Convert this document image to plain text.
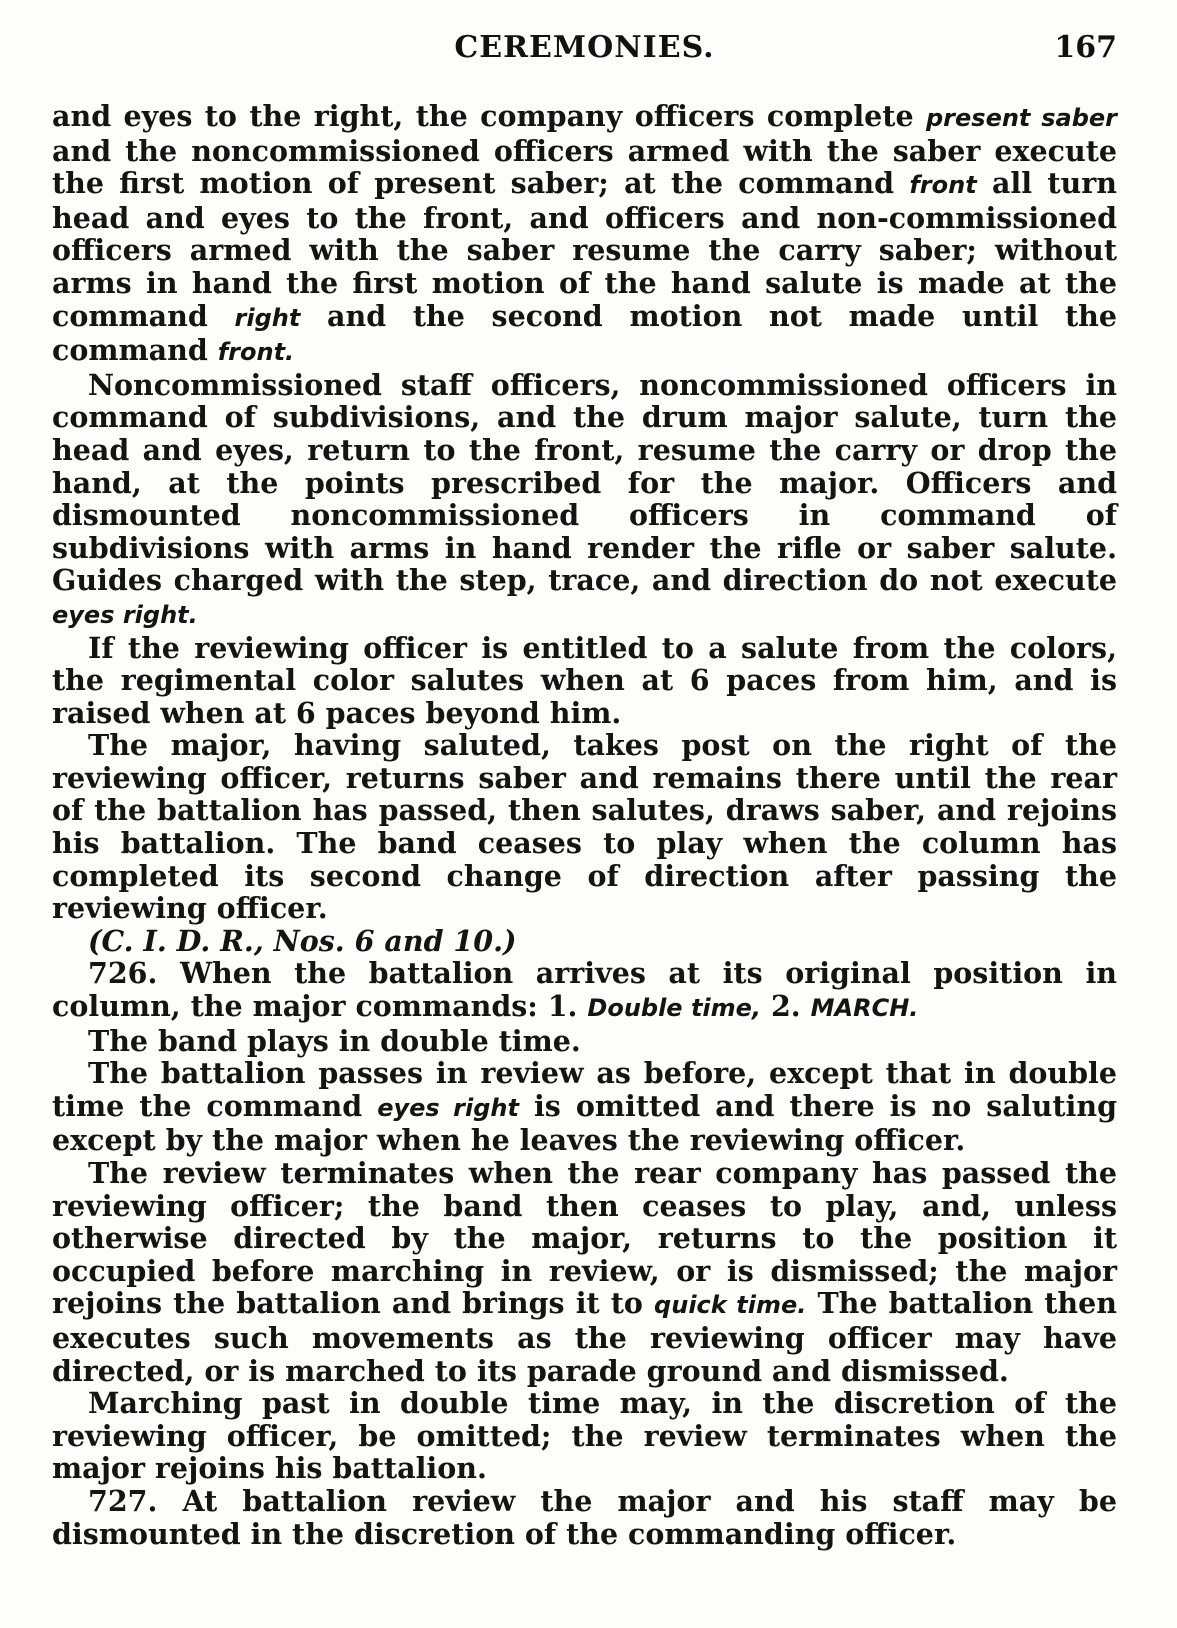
CEREMONIES.	167

and eyes to the right, the company officers complete present saber and the noncommissioned officers armed with the saber execute the first motion of present saber; at the command front all turn head and eyes to the front, and officers and non-commissioned officers armed with the saber resume the carry saber; without arms in hand the first motion of the hand salute is made at the command right and the second motion not made until the command front.

Noncommissioned staff officers, noncommissioned officers in command of subdivisions, and the drum major salute, turn the head and eyes, return to the front, resume the carry or drop the hand, at the points prescribed for the major. Officers and dismounted noncommissioned officers in command of subdivisions with arms in hand render the rifle or saber salute. Guides charged with the step, trace, and direction do not execute eyes right.

If the reviewing officer is entitled to a salute from the colors, the regimental color salutes when at 6 paces from him, and is raised when at 6 paces beyond him.

The major, having saluted, takes post on the right of the reviewing officer, returns saber and remains there until the rear of the battalion has passed, then salutes, draws saber, and rejoins his battalion. The band ceases to play when the column has completed its second change of direction after passing the reviewing officer.

(C. I. D. R., Nos. 6 and 10.)

726. When the battalion arrives at its original position in column, the major commands: 1. Double time, 2. MARCH.

The band plays in double time.

The battalion passes in review as before, except that in double time the command eyes right is omitted and there is no saluting except by the major when he leaves the reviewing officer.

The review terminates when the rear company has passed the reviewing officer; the band then ceases to play, and, unless otherwise directed by the major, returns to the position it occupied before marching in review, or is dismissed; the major rejoins the battalion and brings it to quick time. The battalion then executes such movements as the reviewing officer may have directed, or is marched to its parade ground and dismissed.

Marching past in double time may, in the discretion of the reviewing officer, be omitted; the review terminates when the major rejoins his battalion.

727. At battalion review the major and his staff may be dismounted in the discretion of the commanding officer.
